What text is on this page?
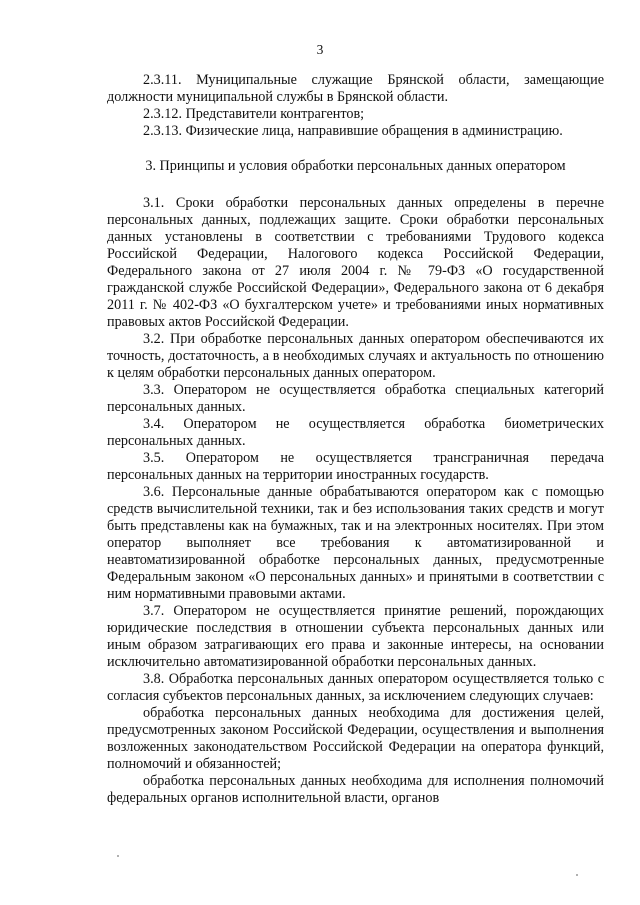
3

2.3.11. Муниципальные служащие Брянской области, замещающие должности муниципальной службы в Брянской области.

2.3.12. Представители контрагентов;

2.3.13. Физические лица, направившие обращения в администрацию.

3. Принципы и условия обработки персональных данных оператором

3.1. Сроки обработки персональных данных определены в перечне персональных данных, подлежащих защите. Сроки обработки персональных данных установлены в соответствии с требованиями Трудового кодекса Российской Федерации, Налогового кодекса Российской Федерации, Федерального закона от 27 июля 2004 г. № 79-ФЗ «О государственной гражданской службе Российской Федерации», Федерального закона от 6 декабря 2011 г. № 402-ФЗ «О бухгалтерском учете» и требованиями иных нормативных правовых актов Российской Федерации.

3.2. При обработке персональных данных оператором обеспечиваются их точность, достаточность, а в необходимых случаях и актуальность по отношению к целям обработки персональных данных оператором.

3.3. Оператором не осуществляется обработка специальных категорий персональных данных.

3.4. Оператором не осуществляется обработка биометрических персональных данных.

3.5. Оператором не осуществляется трансграничная передача персональных данных на территории иностранных государств.

3.6. Персональные данные обрабатываются оператором как с помощью средств вычислительной техники, так и без использования таких средств и могут быть представлены как на бумажных, так и на электронных носителях. При этом оператор выполняет все требования к автоматизированной и неавтоматизированной обработке персональных данных, предусмотренные Федеральным законом «О персональных данных» и принятыми в соответствии с ним нормативными правовыми актами.

3.7. Оператором не осуществляется принятие решений, порождающих юридические последствия в отношении субъекта персональных данных или иным образом затрагивающих его права и законные интересы, на основании исключительно автоматизированной обработки персональных данных.

3.8. Обработка персональных данных оператором осуществляется только с согласия субъектов персональных данных, за исключением следующих случаев:

обработка персональных данных необходима для достижения целей, предусмотренных законом Российской Федерации, осуществления и выполнения возложенных законодательством Российской Федерации на оператора функций, полномочий и обязанностей;

обработка персональных данных необходима для исполнения полномочий федеральных органов исполнительной власти, органов
